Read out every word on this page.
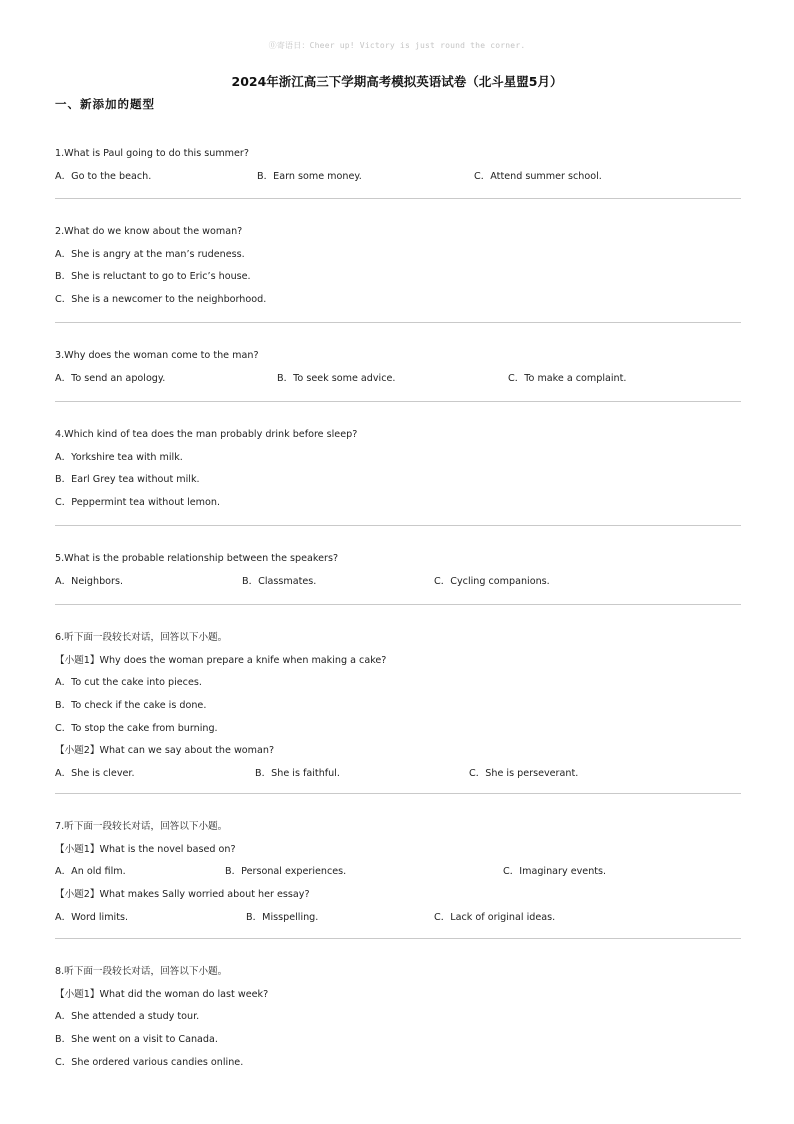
⓪寄语日：Cheer up! Victory is just round the corner.
2024年浙江高三下学期高考模拟英语试卷（北斗星盟5月）
一、新添加的题型
1.What is Paul going to do this summer?
A．Go to the beach.	B．Earn some money.	C．Attend summer school.
2.What do we know about the woman?
A．She is angry at the man’s rudeness.
B．She is reluctant to go to Eric’s house.
C．She is a newcomer to the neighborhood.
3.Why does the woman come to the man?
A．To send an apology.	B．To seek some advice.	C．To make a complaint.
4.Which kind of tea does the man probably drink before sleep?
A．Yorkshire tea with milk.
B．Earl Grey tea without milk.
C．Peppermint tea without lemon.
5.What is the probable relationship between the speakers?
A．Neighbors.	B．Classmates.	C．Cycling companions.
6.听下面一段较长对话，回答以下小题。
【小题1】Why does the woman prepare a knife when making a cake?
A．To cut the cake into pieces.
B．To check if the cake is done.
C．To stop the cake from burning.
【小题2】What can we say about the woman?
A．She is clever.	B．She is faithful.	C．She is perseverant.
7.听下面一段较长对话，回答以下小题。
【小题1】What is the novel based on?
A．An old film.	B．Personal experiences.	C．Imaginary events.
【小题2】What makes Sally worried about her essay?
A．Word limits.	B．Misspelling.	C．Lack of original ideas.
8.听下面一段较长对话，回答以下小题。
【小题1】What did the woman do last week?
A．She attended a study tour.
B．She went on a visit to Canada.
C．She ordered various candies online.
